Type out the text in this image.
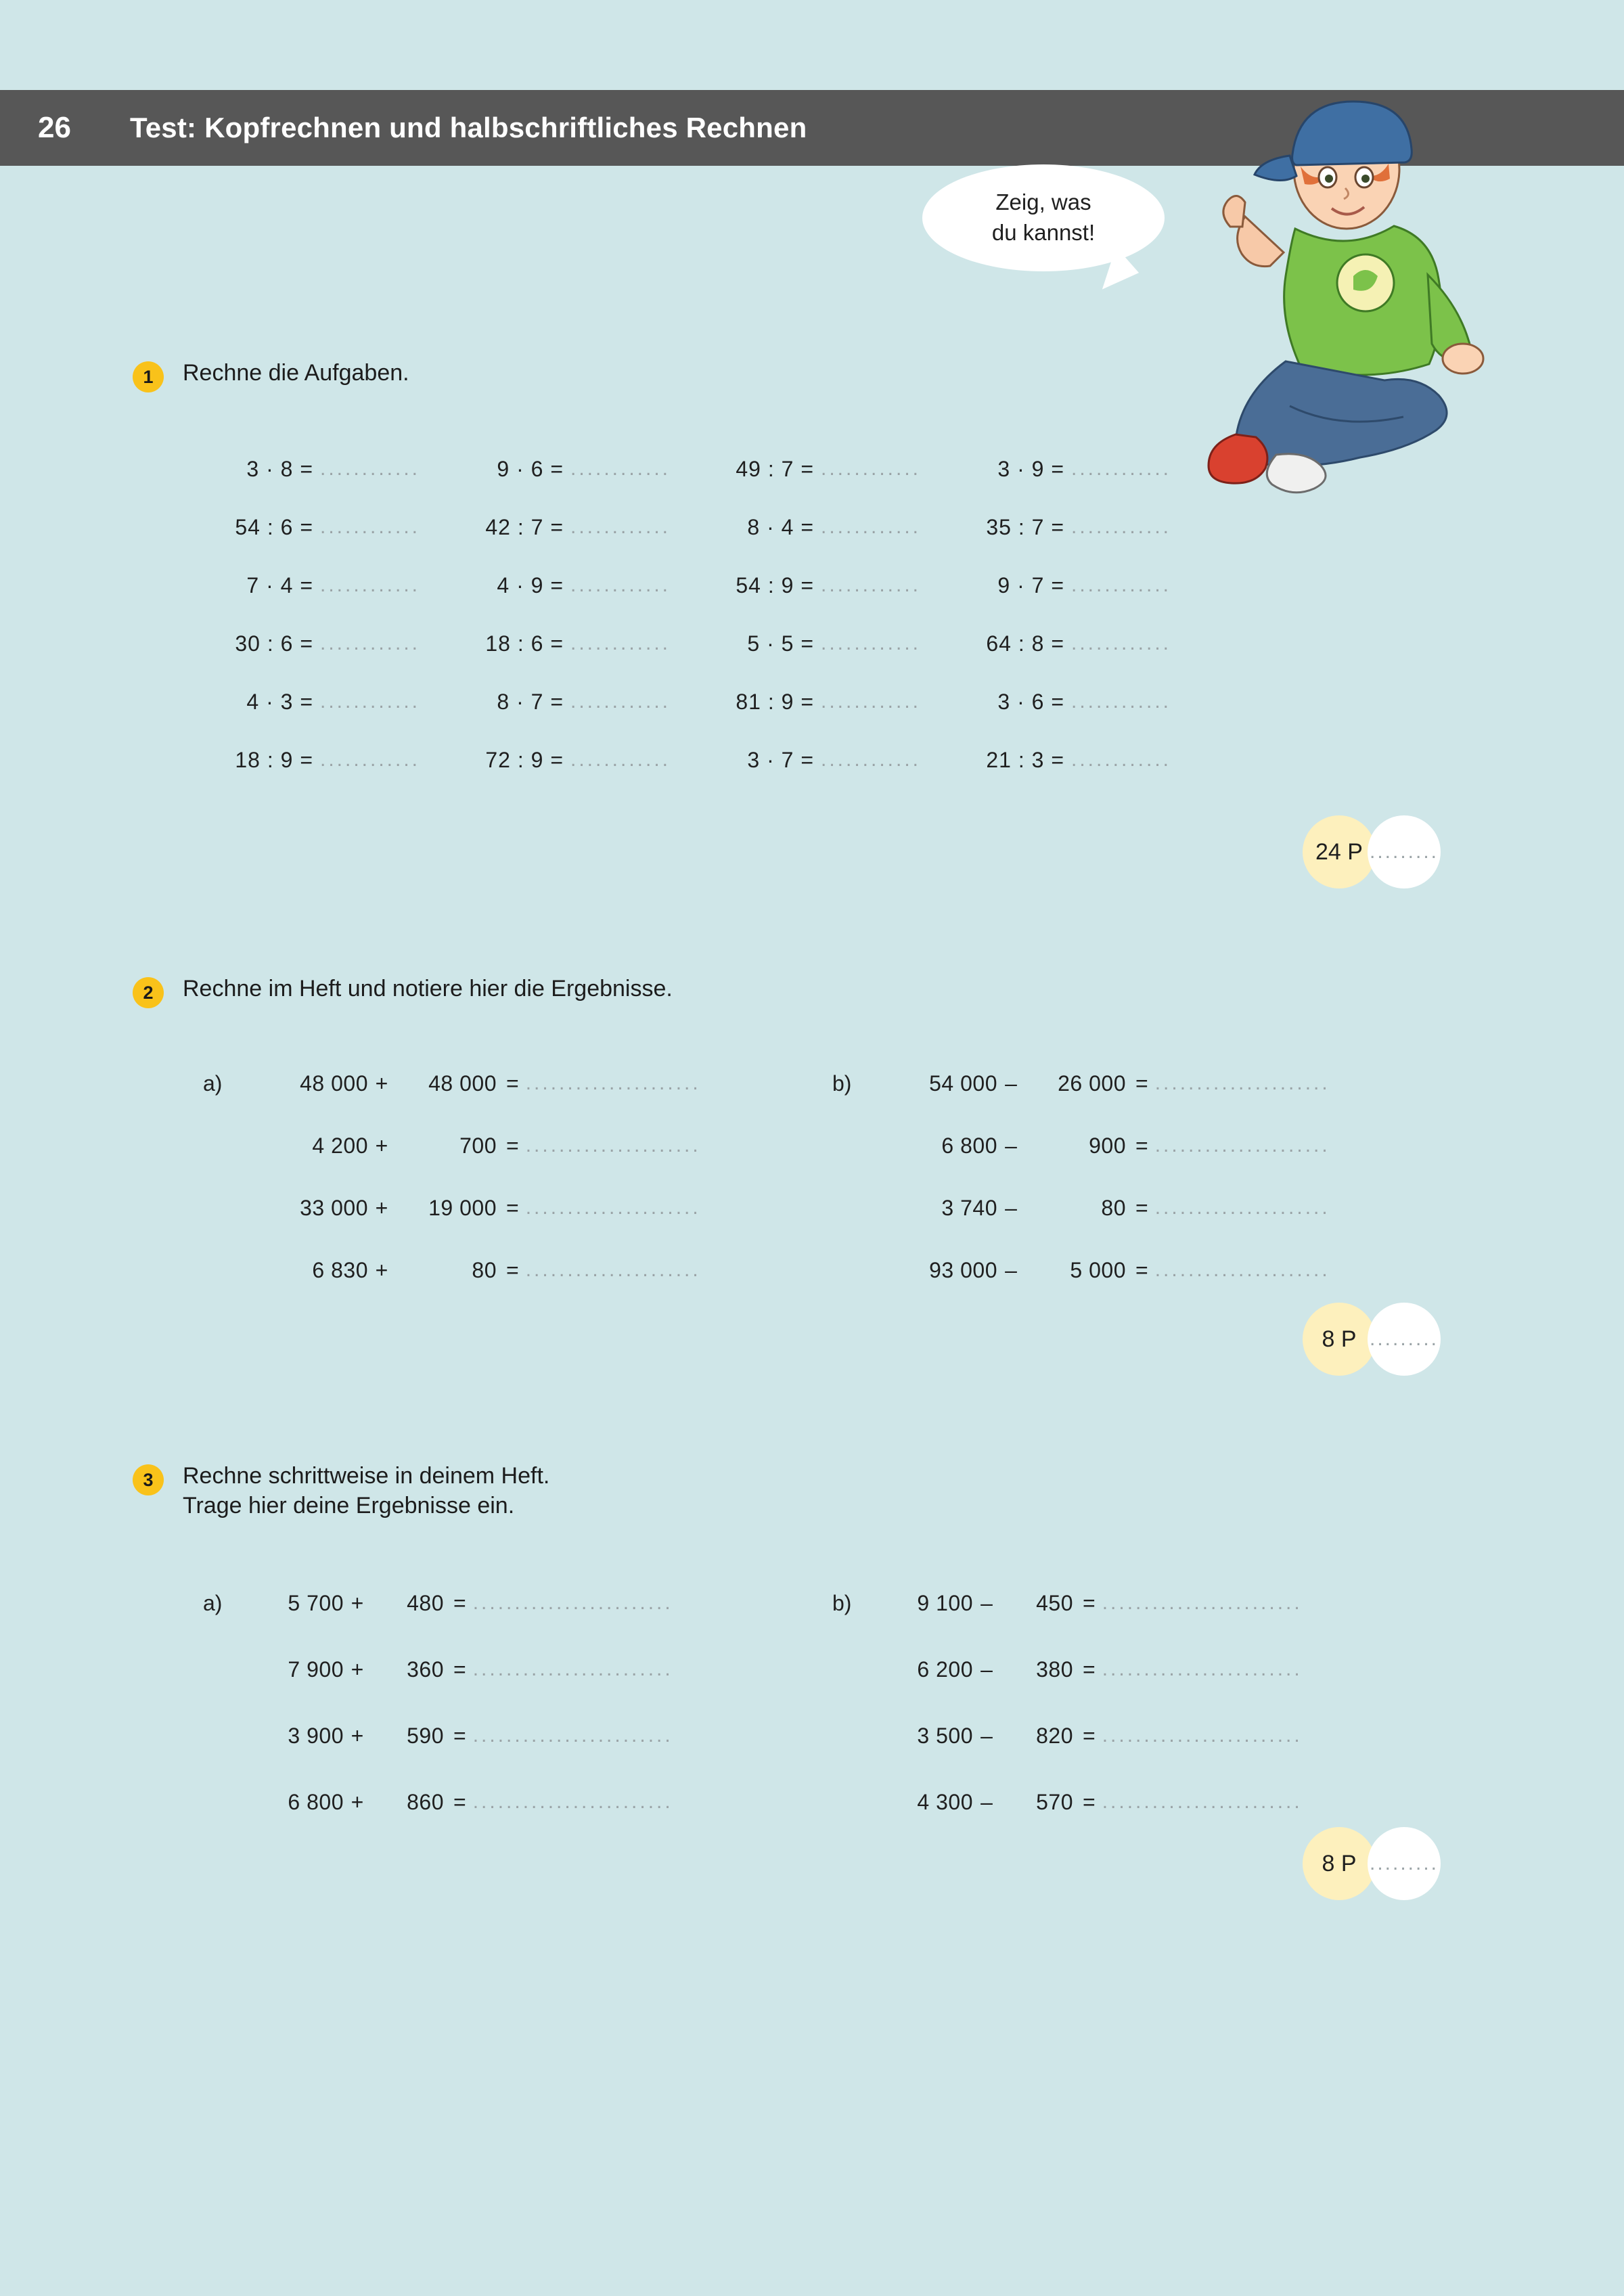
26	Test: Kopfrechnen und halbschriftliches Rechnen
Zeig, was
du kannst!
1	Rechne die Aufgaben.
3 · 8 = ............	9 · 6 = ............	49 : 7 = ............	3 · 9 = ............
54 : 6 = ............	42 : 7 = ............	8 · 4 = ............	35 : 7 = ............
7 · 4 = ............	4 · 9 = ............	54 : 9 = ............	9 · 7 = ............
30 : 6 = ............	18 : 6 = ............	5 · 5 = ............	64 : 8 = ............
4 · 3 = ............	8 · 7 = ............	81 : 9 = ............	3 · 6 = ............
18 : 9 = ............	72 : 9 = ............	3 · 7 = ............	21 : 3 = ............
24 P .........
2	Rechne im Heft und notiere hier die Ergebnisse.
a)	48 000 +	48 000 = .....................
4 200 +	700 = .....................
33 000 +	19 000 = .....................
6 830 +	80 = .....................
b)	54 000 –	26 000 = .....................
6 800 –	900 = .....................
3 740 –	80 = .....................
93 000 –	5 000 = .....................
8 P .........
3	Rechne schrittweise in deinem Heft.
Trage hier deine Ergebnisse ein.
a)	5 700 +	480 = ........................
7 900 +	360 = ........................
3 900 +	590 = ........................
6 800 +	860 = ........................
b)	9 100 –	450 = ........................
6 200 –	380 = ........................
3 500 –	820 = ........................
4 300 –	570 = ........................
8 P .........
